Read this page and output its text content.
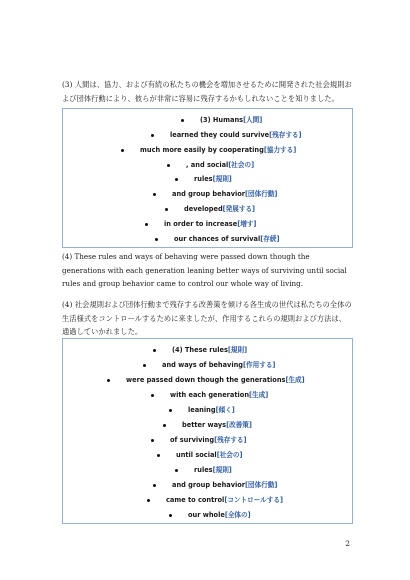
(3) 人間は、協力、および有続の私たちの機会を増加させるために開発された社会規則および団体行動により、彼らが非常に容易に残存するかもしれないことを知りました。

(3) Humans[人間]
learned they could survive[残存する]
much more easily by cooperating[協力する]
, and social[社会の]
rules[規則]
and group behavior[団体行動]
developed[発展する]
in order to increase[増す]
our chances of survival[存続]

(4) These rules and ways of behaving were passed down though the generations with each generation leaning better ways of surviving until social rules and group behavior came to control our whole way of living.

(4) 社会規則および団体行動まで残存する改善策を傾ける各生成の世代は私たちの全体の生活様式をコントロールするために来ましたが、作用するこれらの規則および方法は、通過していかれました。

(4) These rules[規則]
and ways of behaving[作用する]
were passed down though the generations[生成]
with each generation[生成]
leaning[傾く]
better ways[改善策]
of surviving[残存する]
until social[社会の]
rules[規則]
and group behavior[団体行動]
came to control[コントロールする]
our whole[全体の]
2
